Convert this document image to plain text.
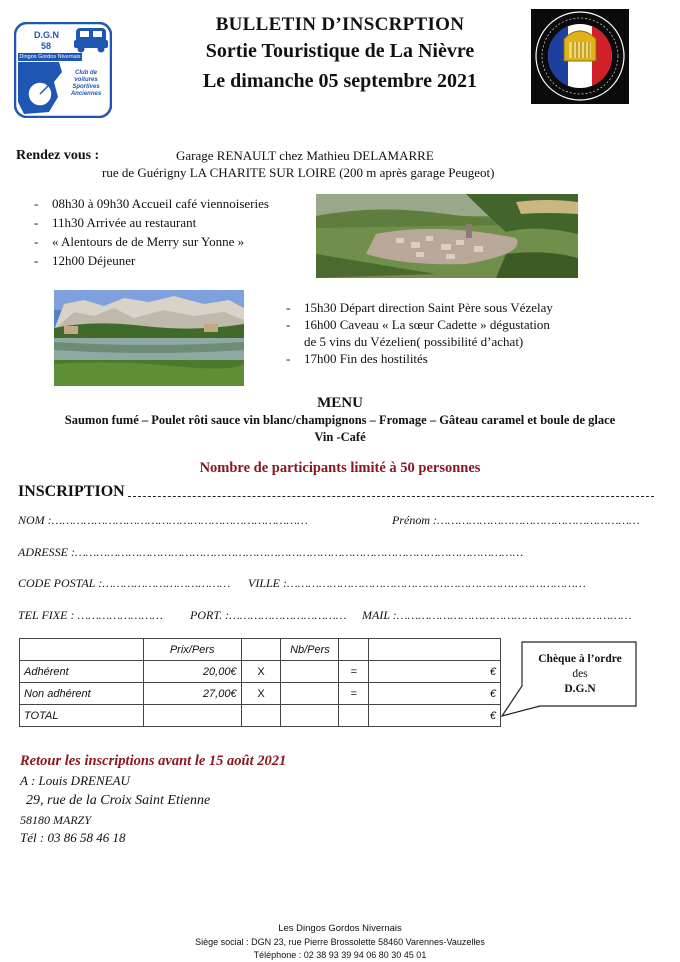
BULLETIN D’INSCRPTION
Sortie Touristique de La Nièvre
Le dimanche 05 septembre 2021
D.G.N
58
Dingos Gordos Nivernais
Club de
voitures
Sportives
Anciennes
Rendez vous :	Garage RENAULT chez Mathieu DELAMARRE
rue de Guérigny LA CHARITE SUR LOIRE (200 m après garage Peugeot)
- 08h30 à 09h30 Accueil café viennoiseries
- 11h30 Arrivée au restaurant
- « Alentours de de Merry sur Yonne »
- 12h00 Déjeuner
- 15h30 Départ direction Saint Père sous Vézelay
- 16h00 Caveau « La sœur Cadette » dégustation
de 5 vins du Vézelien( possibilité d’achat)
- 17h00 Fin des hostilités
MENU
Saumon fumé – Poulet rôti sauce vin blanc/champignons – Fromage – Gâteau caramel et boule de glace
Vin -Café
Nombre de participants limité à 50 personnes
INSCRIPTION
NOM :………………………………………………………………	Prénom :…………………………………………………
ADRESSE :………………………………………………………………………………………………………………
CODE POSTAL :……………………………… VILLE :…………………………………………………………………………
TEL FIXE : …………………… PORT. :…………………………… MAIL :…………………………………………………………
	Prix/Pers		Nb/Pers		
Adhérent	20,00€	X		=	€
Non adhérent	27,00€	X		=	€
TOTAL					€
Chèque à l’ordre
des
D.G.N
Retour les inscriptions avant le 15 août 2021
A : Louis DRENEAU
29, rue de la Croix Saint Etienne
58180 MARZY
Tél : 03 86 58 46 18
Les Dingos Gordos Nivernais
Siège social : DGN 23, rue Pierre Brossolette 58460 Varennes-Vauzelles
Téléphone : 02 38 93 39 94 06 80 30 45 01
